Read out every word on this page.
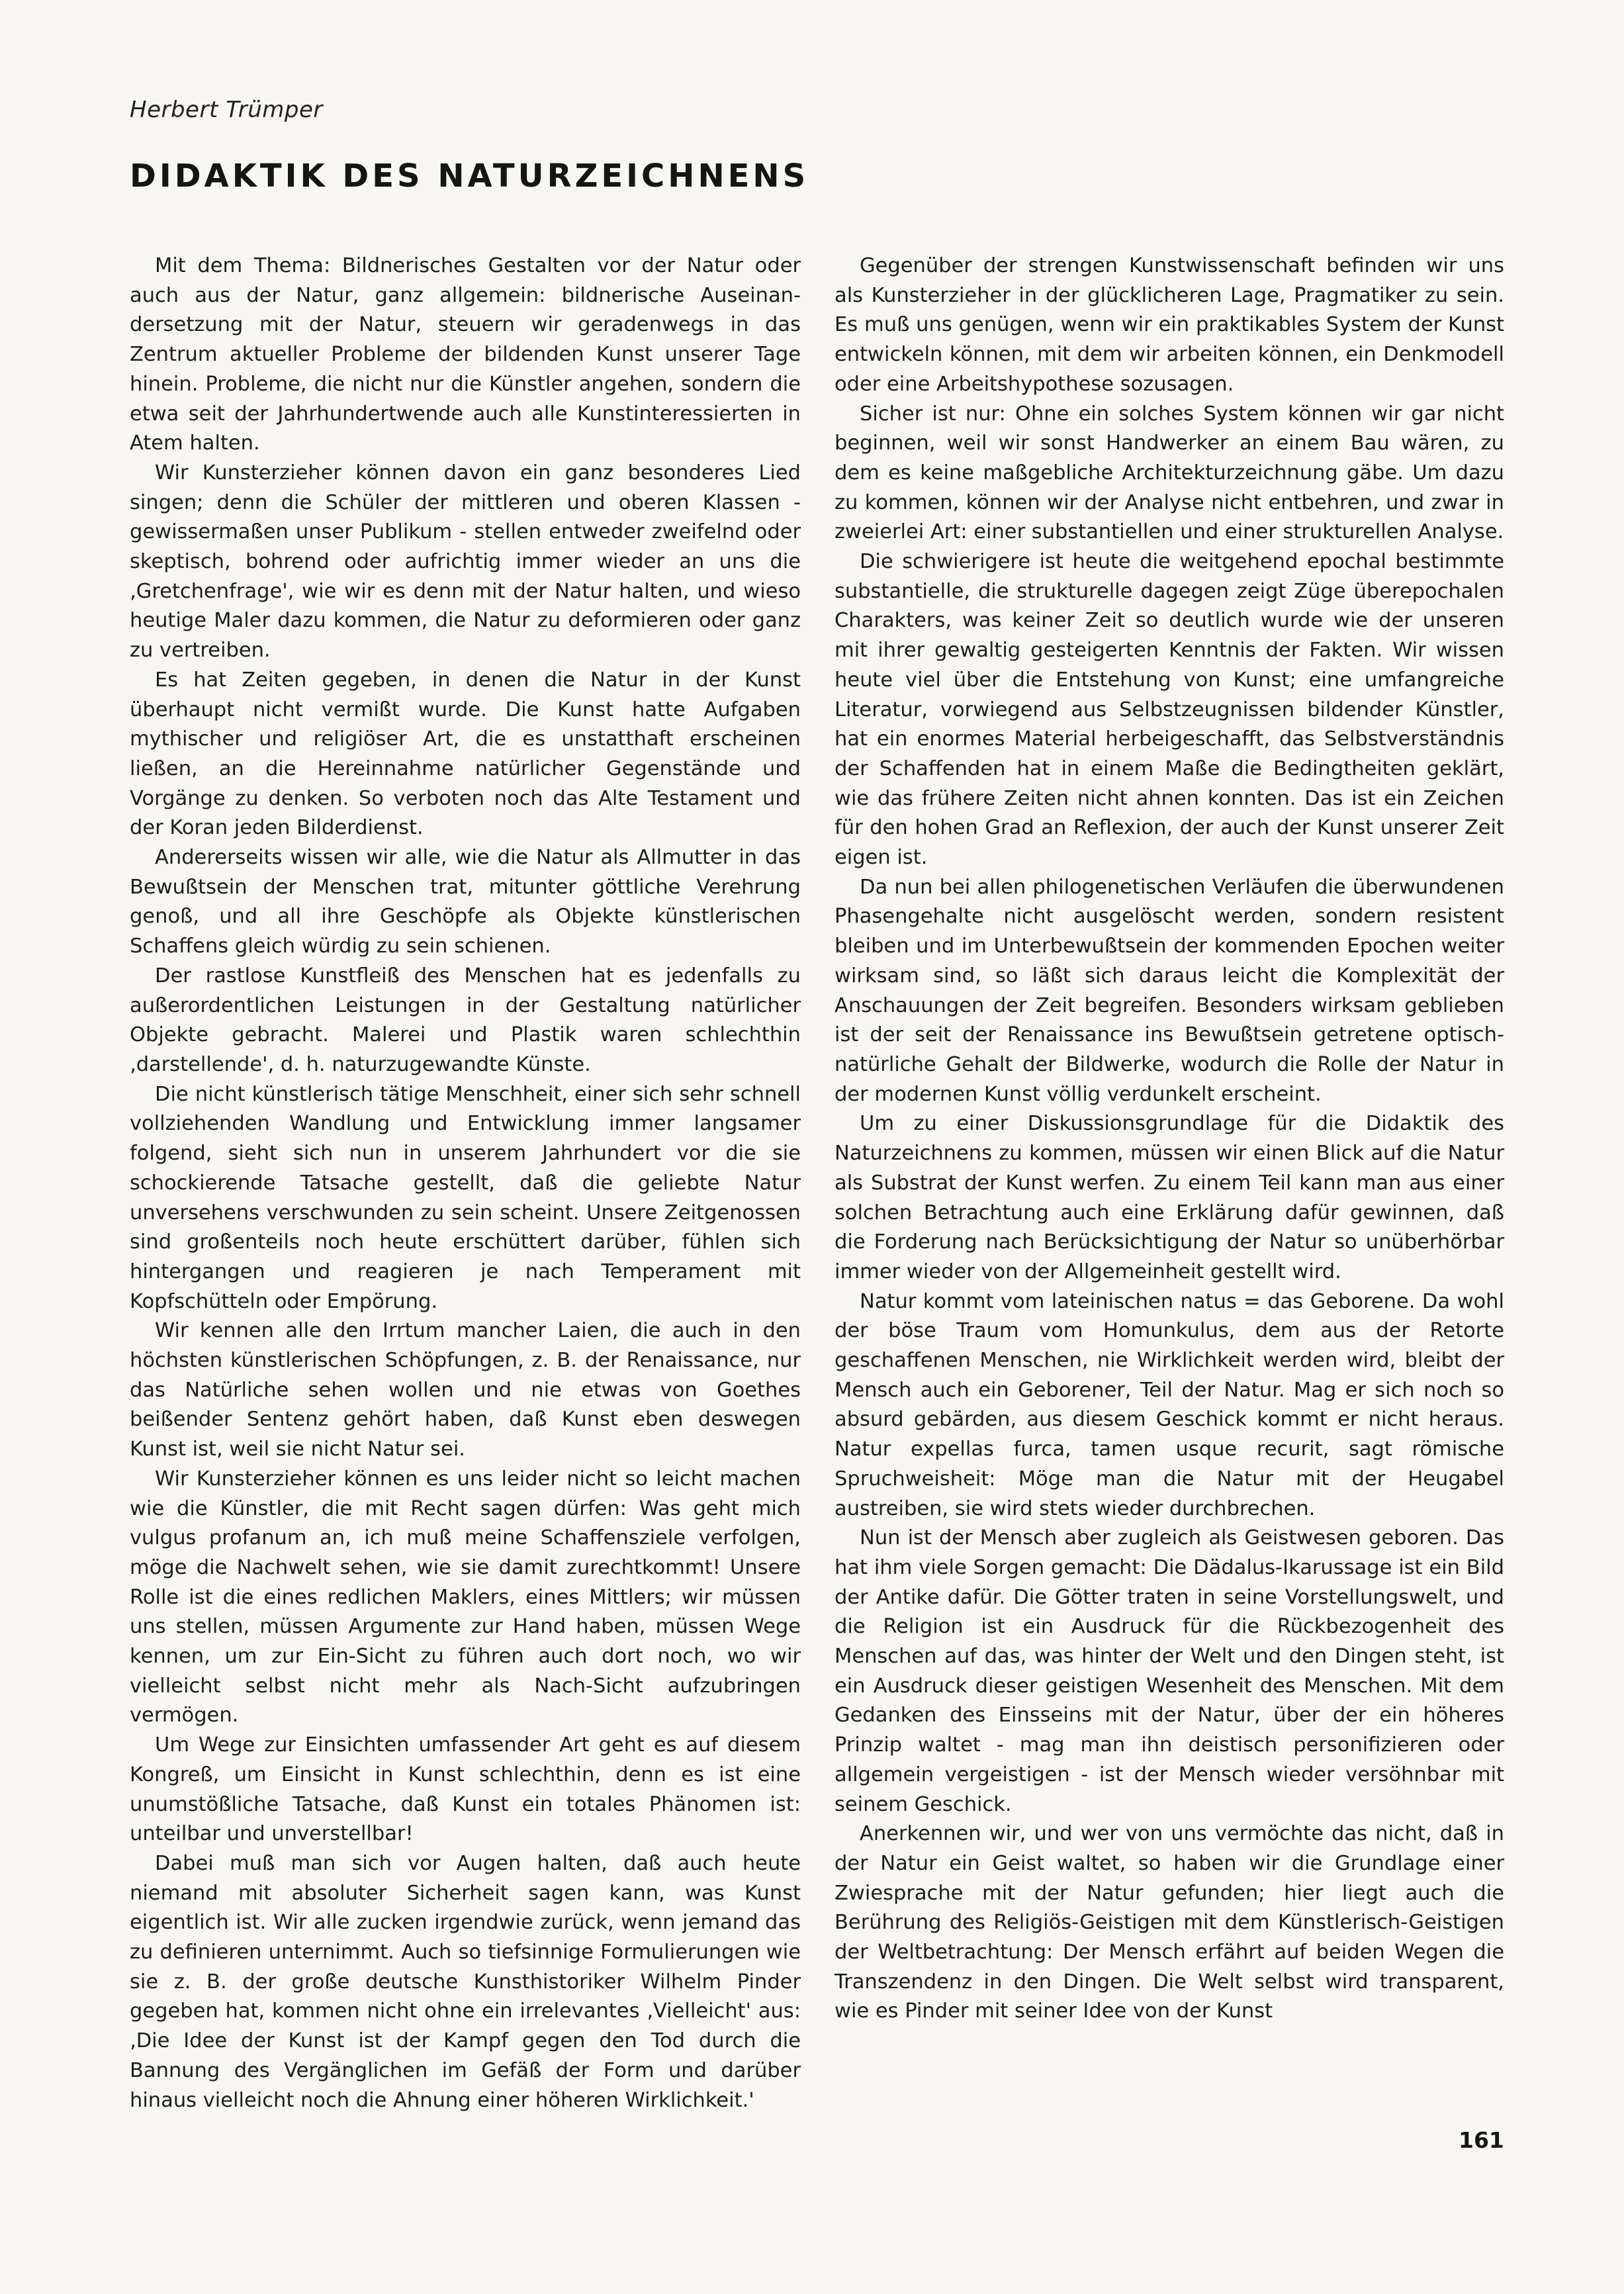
Herbert Trümper
DIDAKTIK DES NATURZEICHNENS

Mit dem Thema: Bildnerisches Gestalten vor der Natur oder auch aus der Natur, ganz allgemein: bildnerische Auseinandersetzung mit der Natur, steuern wir geradenwegs in das Zentrum aktueller Probleme der bildenden Kunst unserer Tage hinein. Probleme, die nicht nur die Künstler angehen, sondern die etwa seit der Jahrhundertwende auch alle Kunstinteressierten in Atem halten.

Wir Kunsterzieher können davon ein ganz besonderes Lied singen; denn die Schüler der mittleren und oberen Klassen - gewissermaßen unser Publikum - stellen entweder zweifelnd oder skeptisch, bohrend oder aufrichtig immer wieder an uns die ‚Gretchenfrage', wie wir es denn mit der Natur halten, und wieso heutige Maler dazu kommen, die Natur zu deformieren oder ganz zu vertreiben.

Es hat Zeiten gegeben, in denen die Natur in der Kunst überhaupt nicht vermißt wurde. Die Kunst hatte Aufgaben mythischer und religiöser Art, die es unstatthaft erscheinen ließen, an die Hereinnahme natürlicher Gegenstände und Vorgänge zu denken. So verboten noch das Alte Testament und der Koran jeden Bilderdienst.

Andererseits wissen wir alle, wie die Natur als Allmutter in das Bewußtsein der Menschen trat, mitunter göttliche Verehrung genoß, und all ihre Geschöpfe als Objekte künstlerischen Schaffens gleich würdig zu sein schienen.

Der rastlose Kunstfleiß des Menschen hat es jedenfalls zu außerordentlichen Leistungen in der Gestaltung natürlicher Objekte gebracht. Malerei und Plastik waren schlechthin ‚darstellende', d. h. naturzugewandte Künste.

Die nicht künstlerisch tätige Menschheit, einer sich sehr schnell vollziehenden Wandlung und Entwicklung immer langsamer folgend, sieht sich nun in unserem Jahrhundert vor die sie schockierende Tatsache gestellt, daß die geliebte Natur unversehens verschwunden zu sein scheint. Unsere Zeitgenossen sind großenteils noch heute erschüttert darüber, fühlen sich hintergangen und reagieren je nach Temperament mit Kopfschütteln oder Empörung.

Wir kennen alle den Irrtum mancher Laien, die auch in den höchsten künstlerischen Schöpfungen, z. B. der Renaissance, nur das Natürliche sehen wollen und nie etwas von Goethes beißender Sentenz gehört haben, daß Kunst eben deswegen Kunst ist, weil sie nicht Natur sei.

Wir Kunsterzieher können es uns leider nicht so leicht machen wie die Künstler, die mit Recht sagen dürfen: Was geht mich vulgus profanum an, ich muß meine Schaffensziele verfolgen, möge die Nachwelt sehen, wie sie damit zurechtkommt! Unsere Rolle ist die eines redlichen Maklers, eines Mittlers; wir müssen uns stellen, müssen Argumente zur Hand haben, müssen Wege kennen, um zur Ein-Sicht zu führen auch dort noch, wo wir vielleicht selbst nicht mehr als Nach-Sicht aufzubringen vermögen.

Um Wege zur Einsichten umfassender Art geht es auf diesem Kongreß, um Einsicht in Kunst schlechthin, denn es ist eine unumstößliche Tatsache, daß Kunst ein totales Phänomen ist: unteilbar und unverstellbar!

Dabei muß man sich vor Augen halten, daß auch heute niemand mit absoluter Sicherheit sagen kann, was Kunst eigentlich ist. Wir alle zucken irgendwie zurück, wenn jemand das zu definieren unternimmt. Auch so tiefsinnige Formulierungen wie sie z. B. der große deutsche Kunsthistoriker Wilhelm Pinder gegeben hat, kommen nicht ohne ein irrelevantes ‚Vielleicht' aus: ‚Die Idee der Kunst ist der Kampf gegen den Tod durch die Bannung des Vergänglichen im Gefäß der Form und darüber hinaus vielleicht noch die Ahnung einer höheren Wirklichkeit.'

Gegenüber der strengen Kunstwissenschaft befinden wir uns als Kunsterzieher in der glücklicheren Lage, Pragmatiker zu sein. Es muß uns genügen, wenn wir ein praktikables System der Kunst entwickeln können, mit dem wir arbeiten können, ein Denkmodell oder eine Arbeitshypothese sozusagen.

Sicher ist nur: Ohne ein solches System können wir gar nicht beginnen, weil wir sonst Handwerker an einem Bau wären, zu dem es keine maßgebliche Architekturzeichnung gäbe. Um dazu zu kommen, können wir der Analyse nicht entbehren, und zwar in zweierlei Art: einer substantiellen und einer strukturellen Analyse.

Die schwierigere ist heute die weitgehend epochal bestimmte substantielle, die strukturelle dagegen zeigt Züge überepochalen Charakters, was keiner Zeit so deutlich wurde wie der unseren mit ihrer gewaltig gesteigerten Kenntnis der Fakten. Wir wissen heute viel über die Entstehung von Kunst; eine umfangreiche Literatur, vorwiegend aus Selbstzeugnissen bildender Künstler, hat ein enormes Material herbeigeschafft, das Selbstverständnis der Schaffenden hat in einem Maße die Bedingtheiten geklärt, wie das frühere Zeiten nicht ahnen konnten. Das ist ein Zeichen für den hohen Grad an Reflexion, der auch der Kunst unserer Zeit eigen ist.

Da nun bei allen philogenetischen Verläufen die überwundenen Phasengehalte nicht ausgelöscht werden, sondern resistent bleiben und im Unterbewußtsein der kommenden Epochen weiter wirksam sind, so läßt sich daraus leicht die Komplexität der Anschauungen der Zeit begreifen. Besonders wirksam geblieben ist der seit der Renaissance ins Bewußtsein getretene optisch-natürliche Gehalt der Bildwerke, wodurch die Rolle der Natur in der modernen Kunst völlig verdunkelt erscheint.

Um zu einer Diskussionsgrundlage für die Didaktik des Naturzeichnens zu kommen, müssen wir einen Blick auf die Natur als Substrat der Kunst werfen. Zu einem Teil kann man aus einer solchen Betrachtung auch eine Erklärung dafür gewinnen, daß die Forderung nach Berücksichtigung der Natur so unüberhörbar immer wieder von der Allgemeinheit gestellt wird.

Natur kommt vom lateinischen natus = das Geborene. Da wohl der böse Traum vom Homunkulus, dem aus der Retorte geschaffenen Menschen, nie Wirklichkeit werden wird, bleibt der Mensch auch ein Geborener, Teil der Natur. Mag er sich noch so absurd gebärden, aus diesem Geschick kommt er nicht heraus. Natur expellas furca, tamen usque recurit, sagt römische Spruchweisheit: Möge man die Natur mit der Heugabel austreiben, sie wird stets wieder durchbrechen.

Nun ist der Mensch aber zugleich als Geistwesen geboren. Das hat ihm viele Sorgen gemacht: Die Dädalus-Ikarussage ist ein Bild der Antike dafür. Die Götter traten in seine Vorstellungswelt, und die Religion ist ein Ausdruck für die Rückbezogenheit des Menschen auf das, was hinter der Welt und den Dingen steht, ist ein Ausdruck dieser geistigen Wesenheit des Menschen. Mit dem Gedanken des Einsseins mit der Natur, über der ein höheres Prinzip waltet - mag man ihn deistisch personifizieren oder allgemein vergeistigen - ist der Mensch wieder versöhnbar mit seinem Geschick.

Anerkennen wir, und wer von uns vermöchte das nicht, daß in der Natur ein Geist waltet, so haben wir die Grundlage einer Zwiesprache mit der Natur gefunden; hier liegt auch die Berührung des Religiös-Geistigen mit dem Künstlerisch-Geistigen der Weltbetrachtung: Der Mensch erfährt auf beiden Wegen die Transzendenz in den Dingen. Die Welt selbst wird transparent, wie es Pinder mit seiner Idee von der Kunst

161
